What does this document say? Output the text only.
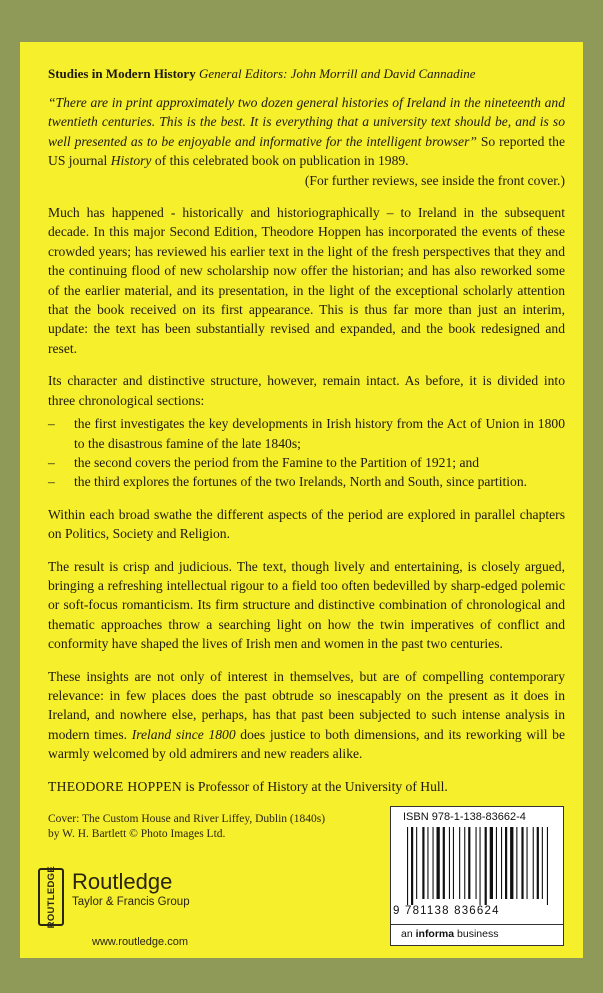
Studies in Modern History General Editors: John Morrill and David Cannadine

“There are in print approximately two dozen general histories of Ireland in the nineteenth and twentieth centuries. This is the best. It is everything that a university text should be, and is so well presented as to be enjoyable and informative for the intelligent browser” So reported the US journal History of this celebrated book on publication in 1989.

(For further reviews, see inside the front cover.)

Much has happened - historically and historiographically – to Ireland in the subsequent decade. In this major Second Edition, Theodore Hoppen has incorporated the events of these crowded years; has reviewed his earlier text in the light of the fresh perspectives that they and the continuing flood of new scholarship now offer the historian; and has also reworked some of the earlier material, and its presentation, in the light of the exceptional scholarly attention that the book received on its first appearance. This is thus far more than just an interim, update: the text has been substantially revised and expanded, and the book redesigned and reset.

Its character and distinctive structure, however, remain intact. As before, it is divided into three chronological sections:

– the first investigates the key developments in Irish history from the Act of Union in 1800 to the disastrous famine of the late 1840s;
– the second covers the period from the Famine to the Partition of 1921; and
– the third explores the fortunes of the two Irelands, North and South, since partition.

Within each broad swathe the different aspects of the period are explored in parallel chapters on Politics, Society and Religion.

The result is crisp and judicious. The text, though lively and entertaining, is closely argued, bringing a refreshing intellectual rigour to a field too often bedevilled by sharp-edged polemic or soft-focus romanticism. Its firm structure and distinctive combination of chronological and thematic approaches throw a searching light on how the twin imperatives of conflict and conformity have shaped the lives of Irish men and women in the past two centuries.

These insights are not only of interest in themselves, but are of compelling contemporary relevance: in few places does the past obtrude so inescapably on the present as it does in Ireland, and nowhere else, perhaps, has that past been subjected to such intense analysis in modern times. Ireland since 1800 does justice to both dimensions, and its reworking will be warmly welcomed by old admirers and new readers alike.

THEODORE HOPPEN is Professor of History at the University of Hull.

Cover: The Custom House and River Liffey, Dublin (1840s)
by W. H. Bartlett © Photo Images Ltd.
ROUTLEDGE Routledge
Taylor & Francis Group
www.routledge.com
ISBN 978-1-138-83662-4
9 781138 836624
an informa business
